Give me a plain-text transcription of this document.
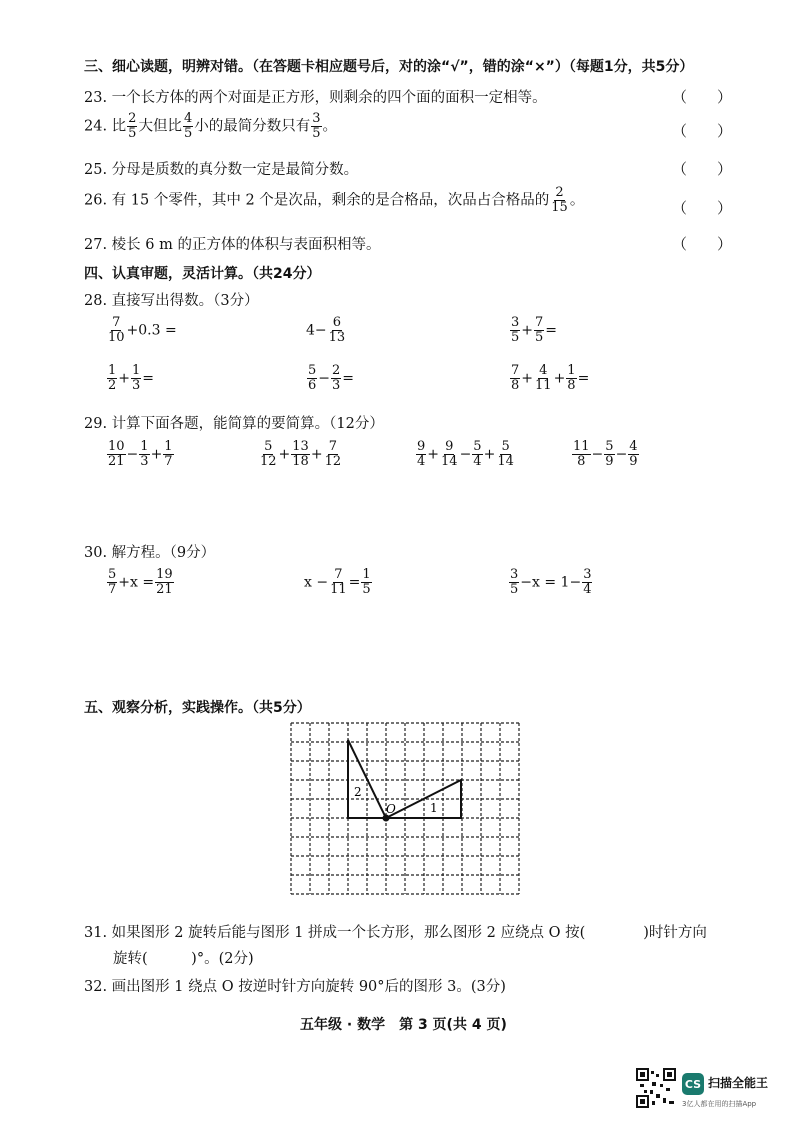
三、细心读题，明辨对错。（在答题卡相应题号后，对的涂“√”，错的涂“×”）（每题1分，共5分）
23. 一个长方体的两个对面是正方形，则剩余的四个面的面积一定相等。	（　　）
24. 比 $\frac{2}{5}$ 大但比 $\frac{4}{5}$ 小的最简分数只有 $\frac{3}{5}$ 。	（　　）
25. 分母是质数的真分数一定是最简分数。	（　　）
26. 有 15 个零件，其中 2 个是次品，剩余的是合格品，次品占合格品的 $\frac{2}{15}$ 。	（　　）
27. 棱长 6 m 的正方体的体积与表面积相等。	（　　）
四、认真审题，灵活计算。（共24分）
28. 直接写出得数。（3分）
$\frac{7}{10} +0.3$ =	$4- \frac{6}{13}$	$\frac{3}{5} + \frac{7}{5}$ =
$\frac{1}{2} + \frac{1}{3}$ =	$\frac{5}{6} - \frac{2}{3}$ =	$\frac{7}{8} + \frac{4}{11} + \frac{1}{8}$ =
29. 计算下面各题，能简算的要简算。（12分）
$\frac{10}{21} - \frac{1}{3} + \frac{1}{7}$	$\frac{5}{12} + \frac{13}{18} + \frac{7}{12}$	$\frac{9}{4} + \frac{9}{14} - \frac{5}{4} + \frac{5}{14}$	$\frac{11}{8} - \frac{5}{9} - \frac{4}{9}$
30. 解方程。（9分）
$\frac{5}{7} +x = \frac{19}{21}$	$x - \frac{7}{11} = \frac{1}{5}$	$\frac{3}{5} -x = 1- \frac{3}{4}$
五、观察分析，实践操作。（共5分）
2
1
O
31. 如果图形 2 旋转后能与图形 1 拼成一个长方形，那么图形 2 应绕点 O 按(　　　　)时针方向
旋转(　　　)°。(2分)
32. 画出图形 1 绕点 O 按逆时针方向旋转 90°后的图形 3。(3分)
五年级 · 数学　第 3 页(共 4 页)
CS 扫描全能王
3亿人都在用的扫描App
